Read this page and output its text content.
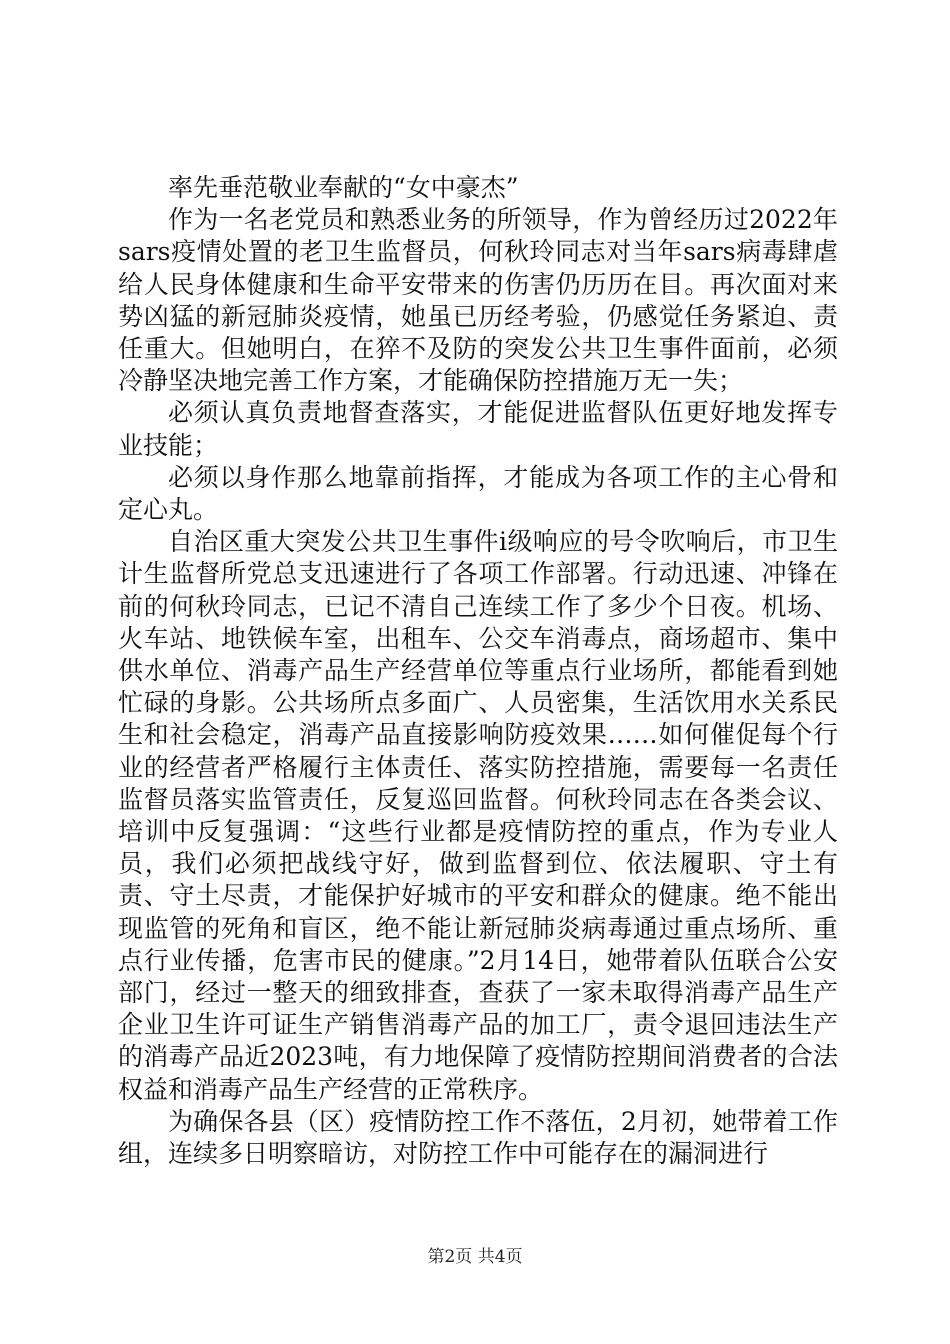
率先垂范敬业奉献的“女中豪杰”

作为一名老党员和熟悉业务的所领导，作为曾经历过2022年sars疫情处置的老卫生监督员，何秋玲同志对当年sars病毒肆虐给人民身体健康和生命平安带来的伤害仍历历在目。再次面对来势凶猛的新冠肺炎疫情，她虽已历经考验，仍感觉任务紧迫、责任重大。但她明白，在猝不及防的突发公共卫生事件面前，必须冷静坚决地完善工作方案，才能确保防控措施万无一失；

必须认真负责地督查落实，才能促进监督队伍更好地发挥专业技能；

必须以身作那么地靠前指挥，才能成为各项工作的主心骨和定心丸。

自治区重大突发公共卫生事件i级响应的号令吹响后，市卫生计生监督所党总支迅速进行了各项工作部署。行动迅速、冲锋在前的何秋玲同志，已记不清自己连续工作了多少个日夜。机场、火车站、地铁候车室，出租车、公交车消毒点，商场超市、集中供水单位、消毒产品生产经营单位等重点行业场所，都能看到她忙碌的身影。公共场所点多面广、人员密集，生活饮用水关系民生和社会稳定，消毒产品直接影响防疫效果……如何催促每个行业的经营者严格履行主体责任、落实防控措施，需要每一名责任监督员落实监管责任，反复巡回监督。何秋玲同志在各类会议、培训中反复强调：“这些行业都是疫情防控的重点，作为专业人员，我们必须把战线守好，做到监督到位、依法履职、守土有责、守土尽责，才能保护好城市的平安和群众的健康。绝不能出现监管的死角和盲区，绝不能让新冠肺炎病毒通过重点场所、重点行业传播，危害市民的健康。”2月14日，她带着队伍联合公安部门，经过一整天的细致排查，查获了一家未取得消毒产品生产企业卫生许可证生产销售消毒产品的加工厂，责令退回违法生产的消毒产品近2023吨，有力地保障了疫情防控期间消费者的合法权益和消毒产品生产经营的正常秩序。

为确保各县（区）疫情防控工作不落伍，2月初，她带着工作组，连续多日明察暗访，对防控工作中可能存在的漏洞进行

第2页 共4页
